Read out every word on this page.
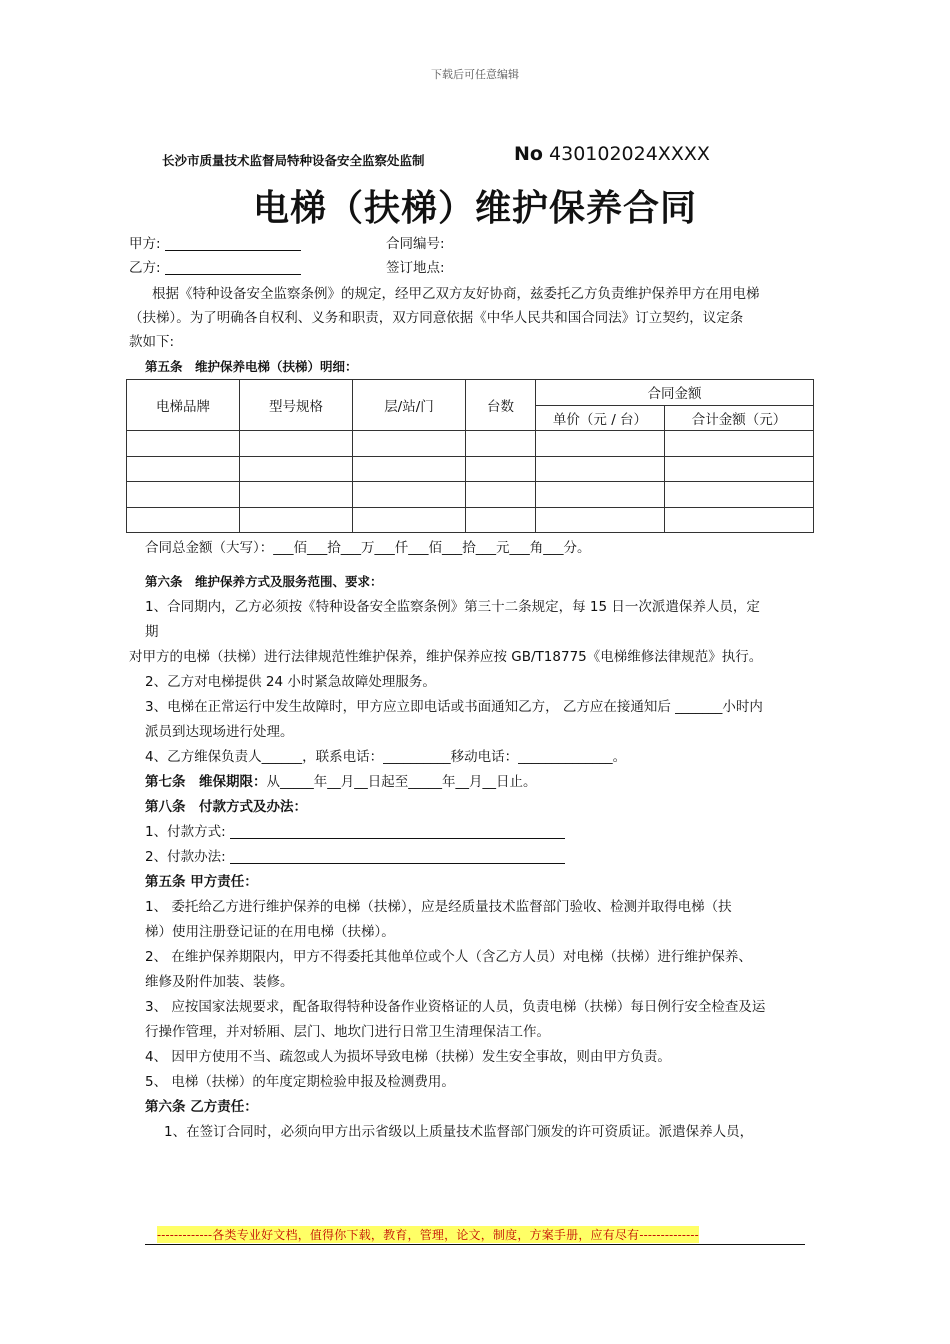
下载后可任意编辑
长沙市质量技术监督局特种设备安全监察处监制	No 430102024XXXX
电梯（扶梯）维护保养合同
甲方:	合同编号:
乙方:	签订地点:
根据《特种设备安全监察条例》的规定，经甲乙双方友好协商，兹委托乙方负责维护保养甲方在用电梯
（扶梯）。为了明确各自权利、义务和职责，双方同意依据《中华人民共和国合同法》订立契约，议定条
款如下:
第五条　维护保养电梯（扶梯）明细：
电梯品牌	型号规格	层/站/门	台数	合同金额	
				单价（元 / 台）	合计金额（元）

合同总金额（大写）：___佰___拾___万___仟___佰___拾___元___角___分。
第六条　维护保养方式及服务范围、要求：
1、合同期内，乙方必须按《特种设备安全监察条例》第三十二条规定，每 15 日一次派遣保养人员，定
期
对甲方的电梯（扶梯）进行法律规范性维护保养，维护保养应按 GB/T18775《电梯维修法律规范》执行。
2、乙方对电梯提供 24 小时紧急故障处理服务。
3、电梯在正常运行中发生故障时，甲方应立即电话或书面通知乙方， 乙方应在接通知后 _______小时内
派员到达现场进行处理。
4、乙方维保负责人______，联系电话：__________移动电话：______________。
第七条　维保期限：从_____年__月__日起至_____年__月__日止。
第八条　付款方式及办法：
1、付款方式:
2、付款办法:
第五条 甲方责任：
1、 委托给乙方进行维护保养的电梯（扶梯），应是经质量技术监督部门验收、检测并取得电梯（扶
梯）使用注册登记证的在用电梯（扶梯）。
2、 在维护保养期限内，甲方不得委托其他单位或个人（含乙方人员）对电梯（扶梯）进行维护保养、
维修及附件加装、装修。
3、 应按国家法规要求，配备取得特种设备作业资格证的人员，负责电梯（扶梯）每日例行安全检查及运
行操作管理，并对轿厢、层门、地坎门进行日常卫生清理保洁工作。
4、 因甲方使用不当、疏忽或人为损坏导致电梯（扶梯）发生安全事故，则由甲方负责。
5、 电梯（扶梯）的年度定期检验申报及检测费用。
第六条 乙方责任：
1、在签订合同时，必须向甲方出示省级以上质量技术监督部门颁发的许可资质证。派遣保养人员，
-------------各类专业好文档，值得你下载，教育，管理，论文，制度，方案手册，应有尽有--------------
